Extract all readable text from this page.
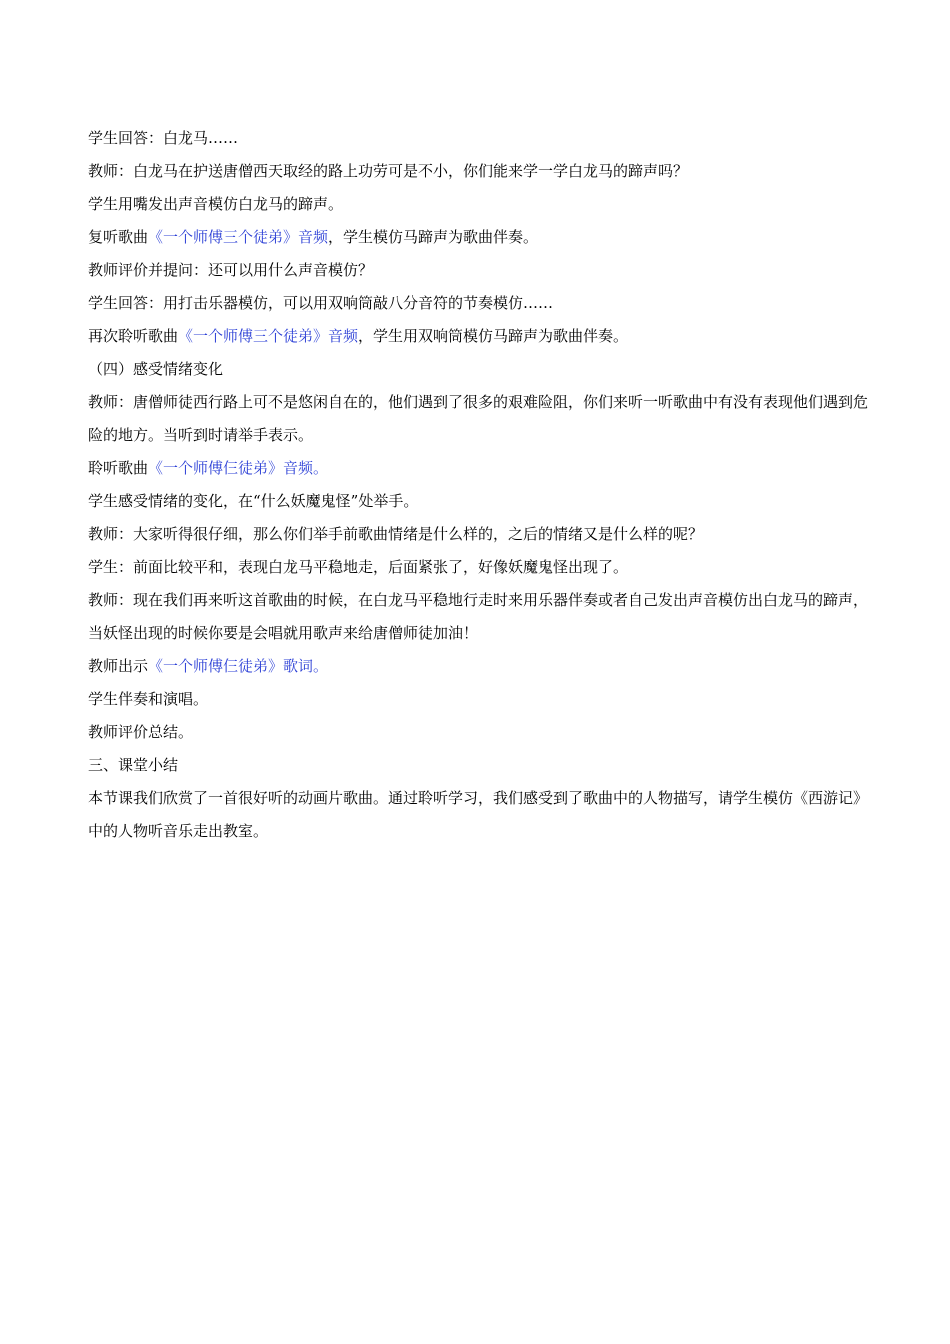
学生回答：白龙马……

教师：白龙马在护送唐僧西天取经的路上功劳可是不小，你们能来学一学白龙马的蹄声吗？

学生用嘴发出声音模仿白龙马的蹄声。

复听歌曲《一个师傅三个徒弟》音频，学生模仿马蹄声为歌曲伴奏。

教师评价并提问：还可以用什么声音模仿？

学生回答：用打击乐器模仿，可以用双响筒敲八分音符的节奏模仿……

再次聆听歌曲《一个师傅三个徒弟》音频，学生用双响筒模仿马蹄声为歌曲伴奏。

（四）感受情绪变化

教师：唐僧师徒西行路上可不是悠闲自在的，他们遇到了很多的艰难险阻，你们来听一听歌曲中有没有表现他们遇到危险的地方。当听到时请举手表示。

聆听歌曲《一个师傅仨徒弟》音频。

学生感受情绪的变化，在“什么妖魔鬼怪”处举手。

教师：大家听得很仔细，那么你们举手前歌曲情绪是什么样的，之后的情绪又是什么样的呢？

学生：前面比较平和，表现白龙马平稳地走，后面紧张了，好像妖魔鬼怪出现了。

教师：现在我们再来听这首歌曲的时候，在白龙马平稳地行走时来用乐器伴奏或者自己发出声音模仿出白龙马的蹄声，当妖怪出现的时候你要是会唱就用歌声来给唐僧师徒加油！

教师出示《一个师傅仨徒弟》歌词。

学生伴奏和演唱。

教师评价总结。

三、课堂小结

本节课我们欣赏了一首很好听的动画片歌曲。通过聆听学习，我们感受到了歌曲中的人物描写，请学生模仿《西游记》中的人物听音乐走出教室。
